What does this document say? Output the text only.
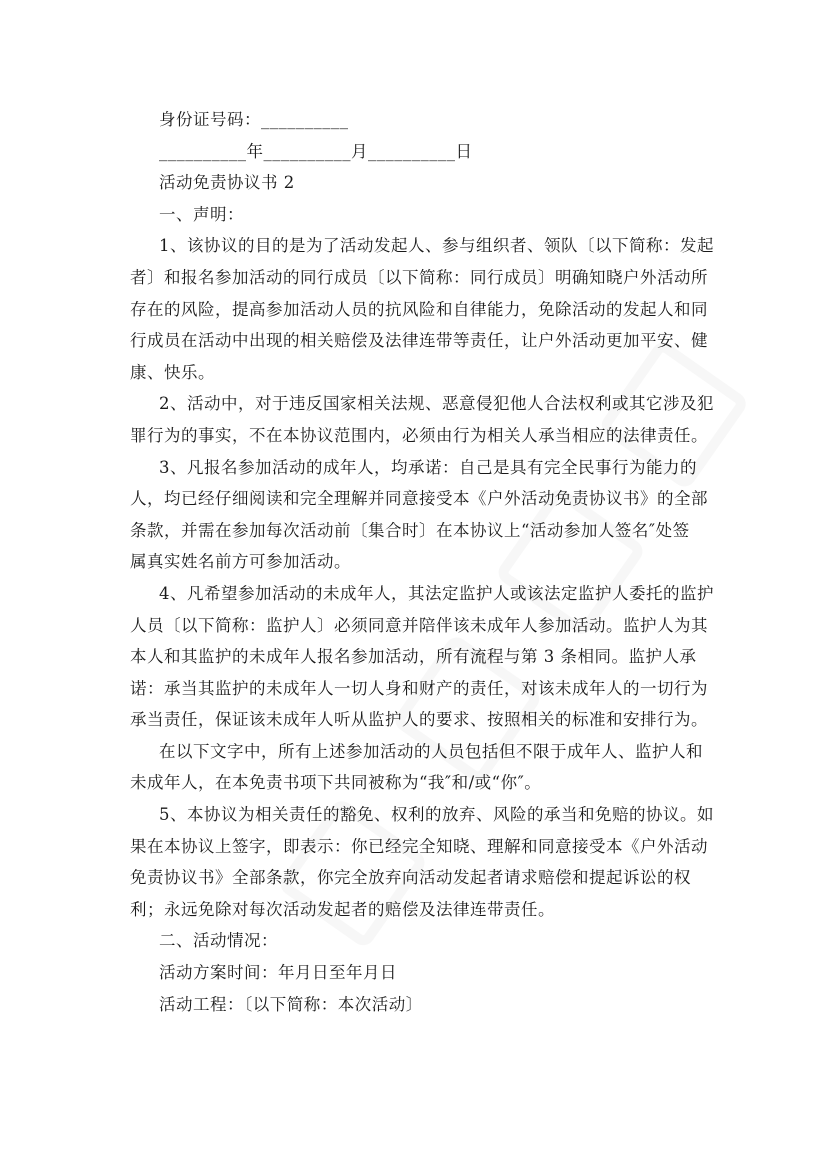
身份证号码：__________
__________年__________月__________日
活动免责协议书 2
一、声明：
1、该协议的目的是为了活动发起人、参与组织者、领队〔以下简称：发起
者〕和报名参加活动的同行成员〔以下简称：同行成员〕明确知晓户外活动所
存在的风险，提高参加活动人员的抗风险和自律能力，免除活动的发起人和同
行成员在活动中出现的相关赔偿及法律连带等责任，让户外活动更加平安、健
康、快乐。
2、活动中，对于违反国家相关法规、恶意侵犯他人合法权利或其它涉及犯
罪行为的事实，不在本协议范围内，必须由行为相关人承当相应的法律责任。
3、凡报名参加活动的成年人，均承诺：自己是具有完全民事行为能力的
人，均已经仔细阅读和完全理解并同意接受本《户外活动免责协议书》的全部
条款，并需在参加每次活动前〔集合时〕在本协议上“活动参加人签名″处签
属真实姓名前方可参加活动。
4、凡希望参加活动的未成年人，其法定监护人或该法定监护人委托的监护
人员〔以下简称：监护人〕必须同意并陪伴该未成年人参加活动。监护人为其
本人和其监护的未成年人报名参加活动，所有流程与第 3 条相同。监护人承
诺：承当其监护的未成年人一切人身和财产的责任，对该未成年人的一切行为
承当责任，保证该未成年人听从监护人的要求、按照相关的标准和安排行为。
在以下文字中，所有上述参加活动的人员包括但不限于成年人、监护人和
未成年人，在本免责书项下共同被称为“我″和/或“你″。
5、本协议为相关责任的豁免、权利的放弃、风险的承当和免赔的协议。如
果在本协议上签字，即表示：你已经完全知晓、理解和同意接受本《户外活动
免责协议书》全部条款，你完全放弃向活动发起者请求赔偿和提起诉讼的权
利；永远免除对每次活动发起者的赔偿及法律连带责任。
二、活动情况：
活动方案时间：年月日至年月日
活动工程：〔以下简称：本次活动〕
